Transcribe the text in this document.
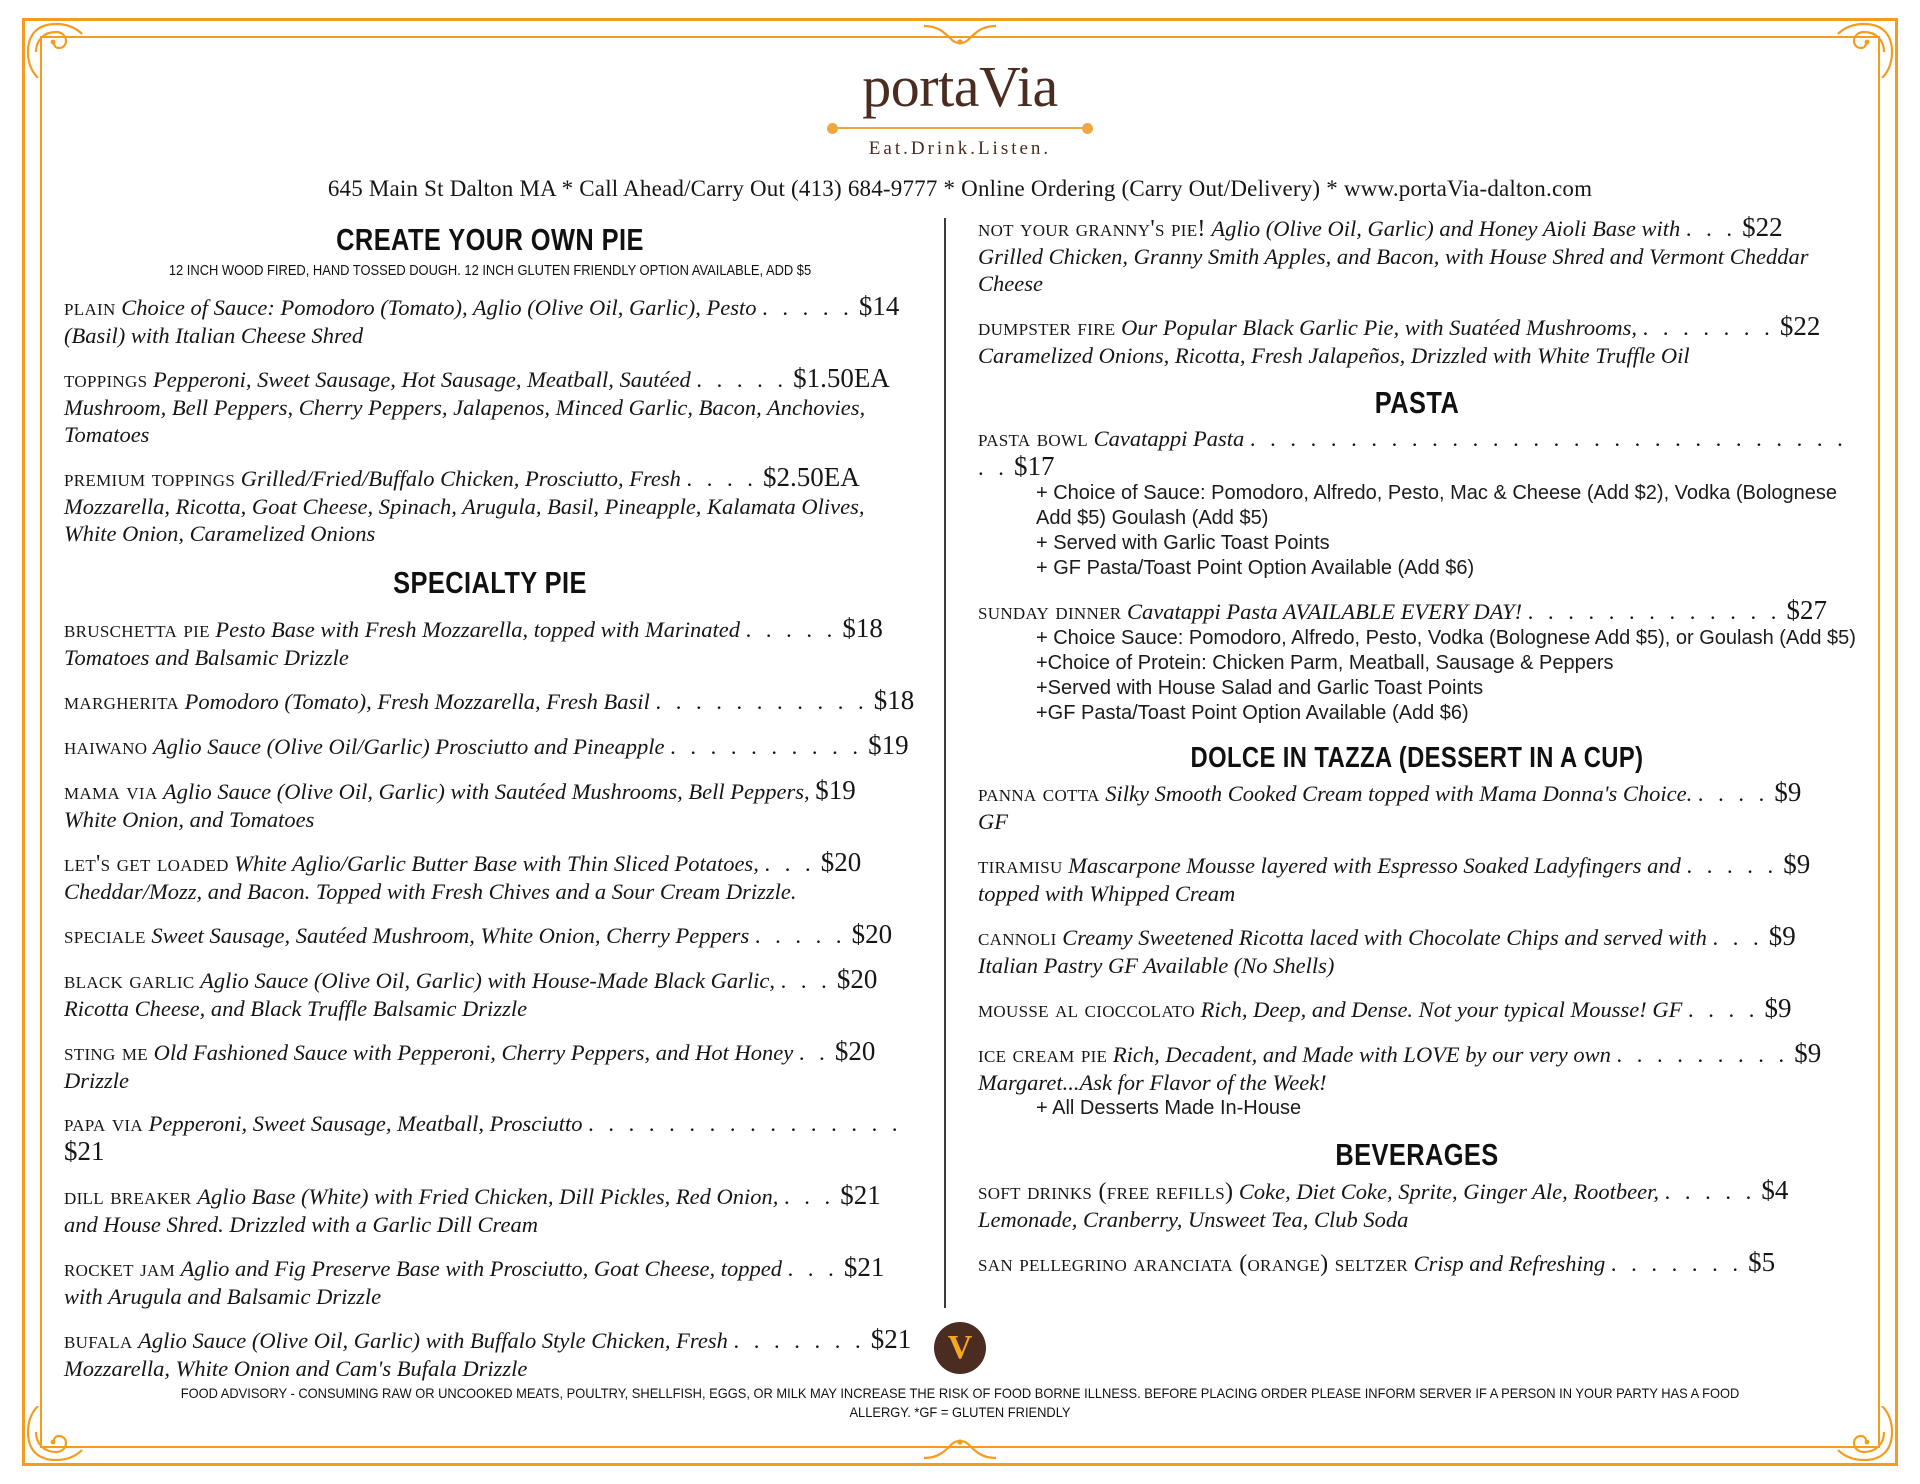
portaVia
Eat.Drink.Listen.
645 Main St Dalton MA * Call Ahead/Carry Out (413) 684-9777 * Online Ordering (Carry Out/Delivery) * www.portaVia-dalton.com
CREATE YOUR OWN PIE
12 INCH WOOD FIRED, HAND TOSSED DOUGH. 12 INCH GLUTEN FRIENDLY OPTION AVAILABLE, ADD $5
plain Choice of Sauce: Pomodoro (Tomato), Aglio (Olive Oil, Garlic), Pesto . . . . . $14
(Basil) with Italian Cheese Shred
toppings Pepperoni, Sweet Sausage, Hot Sausage, Meatball, Sautéed . . . . . $1.50EA
Mushroom, Bell Peppers, Cherry Peppers, Jalapenos, Minced Garlic, Bacon, Anchovies, Tomatoes
premium toppings Grilled/Fried/Buffalo Chicken, Prosciutto, Fresh . . . . $2.50EA
Mozzarella, Ricotta, Goat Cheese, Spinach, Arugula, Basil, Pineapple, Kalamata Olives, White Onion, Caramelized Onions
SPECIALTY PIE
bruschetta pie Pesto Base with Fresh Mozzarella, topped with Marinated . . . . . $18
Tomatoes and Balsamic Drizzle
margherita Pomodoro (Tomato), Fresh Mozzarella, Fresh Basil . . . . . . . . . . . $18
haiwano Aglio Sauce (Olive Oil/Garlic) Prosciutto and Pineapple . . . . . . . . . . $19
mama via Aglio Sauce (Olive Oil, Garlic) with Sautéed Mushrooms, Bell Peppers, $19
White Onion, and Tomatoes
let's get loaded White Aglio/Garlic Butter Base with Thin Sliced Potatoes, . . . $20
Cheddar/Mozz, and Bacon. Topped with Fresh Chives and a Sour Cream Drizzle.
speciale Sweet Sausage, Sautéed Mushroom, White Onion, Cherry Peppers . . . . . $20
black garlic Aglio Sauce (Olive Oil, Garlic) with House-Made Black Garlic, . . . $20
Ricotta Cheese, and Black Truffle Balsamic Drizzle
sting me Old Fashioned Sauce with Pepperoni, Cherry Peppers, and Hot Honey . . $20
Drizzle
papa via Pepperoni, Sweet Sausage, Meatball, Prosciutto . . . . . . . . . . . . . . . . $21
dill breaker Aglio Base (White) with Fried Chicken, Dill Pickles, Red Onion, . . . $21
and House Shred. Drizzled with a Garlic Dill Cream
rocket jam Aglio and Fig Preserve Base with Prosciutto, Goat Cheese, topped . . . $21
with Arugula and Balsamic Drizzle
bufala Aglio Sauce (Olive Oil, Garlic) with Buffalo Style Chicken, Fresh . . . . . . . $21
Mozzarella, White Onion and Cam's Bufala Drizzle
not your granny's pie! Aglio (Olive Oil, Garlic) and Honey Aioli Base with . . . $22
Grilled Chicken, Granny Smith Apples, and Bacon, with House Shred and Vermont Cheddar Cheese
dumpster fire Our Popular Black Garlic Pie, with Suatéed Mushrooms, . . . . . . . $22
Caramelized Onions, Ricotta, Fresh Jalapeños, Drizzled with White Truffle Oil
PASTA
pasta bowl Cavatappi Pasta . . . . . . . . . . . . . . . . . . . . . . . . . . . . . . . . $17
+ Choice of Sauce: Pomodoro, Alfredo, Pesto, Mac & Cheese (Add $2), Vodka (Bolognese Add $5) Goulash (Add $5)
+ Served with Garlic Toast Points
+ GF Pasta/Toast Point Option Available (Add $6)
sunday dinner Cavatappi Pasta AVAILABLE EVERY DAY! . . . . . . . . . . . . . $27
+ Choice Sauce: Pomodoro, Alfredo, Pesto, Vodka (Bolognese Add $5), or Goulash (Add $5)
+Choice of Protein: Chicken Parm, Meatball, Sausage & Peppers
+Served with House Salad and Garlic Toast Points
+GF Pasta/Toast Point Option Available (Add $6)
DOLCE IN TAZZA (DESSERT IN A CUP)
panna cotta Silky Smooth Cooked Cream topped with Mama Donna's Choice. . . . . $9
GF
tiramisu Mascarpone Mousse layered with Espresso Soaked Ladyfingers and . . . . . $9
topped with Whipped Cream
cannoli Creamy Sweetened Ricotta laced with Chocolate Chips and served with . . . $9
Italian Pastry GF Available (No Shells)
mousse al cioccolato Rich, Deep, and Dense. Not your typical Mousse! GF . . . . $9
ice cream pie Rich, Decadent, and Made with LOVE by our very own . . . . . . . . . $9
Margaret...Ask for Flavor of the Week!
+ All Desserts Made In-House
BEVERAGES
soft drinks (free refills) Coke, Diet Coke, Sprite, Ginger Ale, Rootbeer, . . . . . $4
Lemonade, Cranberry, Unsweet Tea, Club Soda
san pellegrino aranciata (orange) seltzer Crisp and Refreshing . . . . . . . $5
V
FOOD ADVISORY - CONSUMING RAW OR UNCOOKED MEATS, POULTRY, SHELLFISH, EGGS, OR MILK MAY INCREASE THE RISK OF FOOD BORNE ILLNESS. BEFORE PLACING ORDER PLEASE INFORM SERVER IF A PERSON IN YOUR PARTY HAS A FOOD
ALLERGY. *GF = GLUTEN FRIENDLY
